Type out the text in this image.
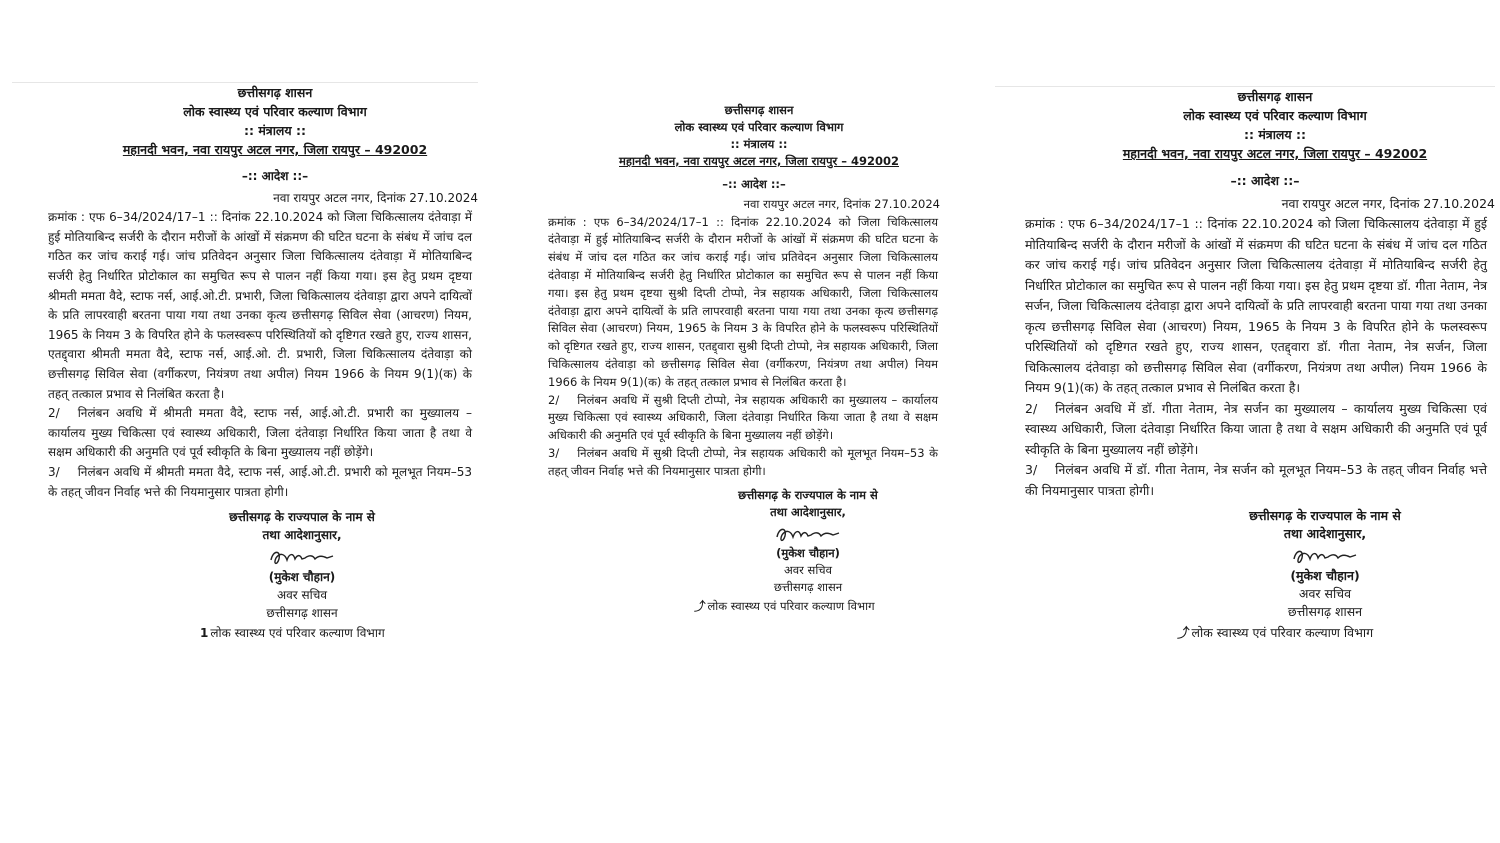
छत्तीसगढ़ शासन
लोक स्वास्थ्य एवं परिवार कल्याण विभाग
:: मंत्रालय ::
महानदी भवन, नवा रायपुर अटल नगर, जिला रायपुर – 492002
–:: आदेश ::–
नवा रायपुर अटल नगर, दिनांक 27.10.2024
क्रमांक : एफ 6–34/2024/17–1 :: दिनांक 22.10.2024 को जिला चिकित्सालय दंतेवाड़ा में हुई मोतियाबिन्द सर्जरी के दौरान मरीजों के आंखों में संक्रमण की घटित घटना के संबंध में जांच दल गठित कर जांच कराई गई। जांच प्रतिवेदन अनुसार जिला चिकित्सालय दंतेवाड़ा में मोतियाबिन्द सर्जरी हेतु निर्धारित प्रोटोकाल का समुचित रूप से पालन नहीं किया गया। इस हेतु प्रथम दृष्टया श्रीमती ममता वैदे, स्टाफ नर्स, आई.ओ.टी. प्रभारी, जिला चिकित्सालय दंतेवाड़ा द्वारा अपने दायित्वों के प्रति लापरवाही बरतना पाया गया तथा उनका कृत्य छत्तीसगढ़ सिविल सेवा (आचरण) नियम, 1965 के नियम 3 के विपरित होने के फलस्वरूप परिस्थितियों को दृष्टिगत रखते हुए, राज्य शासन, एतद्द्वारा श्रीमती ममता वैदे, स्टाफ नर्स, आई.ओ. टी. प्रभारी, जिला चिकित्सालय दंतेवाड़ा को छत्तीसगढ़ सिविल सेवा (वर्गीकरण, नियंत्रण तथा अपील) नियम 1966 के नियम 9(1)(क) के तहत् तत्काल प्रभाव से निलंबित करता है।
2/ निलंबन अवधि में श्रीमती ममता वैदे, स्टाफ नर्स, आई.ओ.टी. प्रभारी का मुख्यालय – कार्यालय मुख्य चिकित्सा एवं स्वास्थ्य अधिकारी, जिला दंतेवाड़ा निर्धारित किया जाता है तथा वे सक्षम अधिकारी की अनुमति एवं पूर्व स्वीकृति के बिना मुख्यालय नहीं छोड़ेंगे।
3/ निलंबन अवधि में श्रीमती ममता वैदे, स्टाफ नर्स, आई.ओ.टी. प्रभारी को मूलभूत नियम–53 के तहत् जीवन निर्वाह भत्ते की नियमानुसार पात्रता होगी।
छत्तीसगढ़ के राज्यपाल के नाम से
तथा आदेशानुसार,
(मुकेश चौहान)
अवर सचिव
छत्तीसगढ़ शासन
1 लोक स्वास्थ्य एवं परिवार कल्याण विभाग
छत्तीसगढ़ शासन
लोक स्वास्थ्य एवं परिवार कल्याण विभाग
:: मंत्रालय ::
महानदी भवन, नवा रायपुर अटल नगर, जिला रायपुर – 492002
–:: आदेश ::–
नवा रायपुर अटल नगर, दिनांक 27.10.2024
क्रमांक : एफ 6–34/2024/17–1 :: दिनांक 22.10.2024 को जिला चिकित्सालय दंतेवाड़ा में हुई मोतियाबिन्द सर्जरी के दौरान मरीजों के आंखों में संक्रमण की घटित घटना के संबंध में जांच दल गठित कर जांच कराई गई। जांच प्रतिवेदन अनुसार जिला चिकित्सालय दंतेवाड़ा में मोतियाबिन्द सर्जरी हेतु निर्धारित प्रोटोकाल का समुचित रूप से पालन नहीं किया गया। इस हेतु प्रथम दृष्टया सुश्री दिप्ती टोप्पो, नेत्र सहायक अधिकारी, जिला चिकित्सालय दंतेवाड़ा द्वारा अपने दायित्वों के प्रति लापरवाही बरतना पाया गया तथा उनका कृत्य छत्तीसगढ़ सिविल सेवा (आचरण) नियम, 1965 के नियम 3 के विपरित होने के फलस्वरूप परिस्थितियों को दृष्टिगत रखते हुए, राज्य शासन, एतद्द्वारा सुश्री दिप्ती टोप्पो, नेत्र सहायक अधिकारी, जिला चिकित्सालय दंतेवाड़ा को छत्तीसगढ़ सिविल सेवा (वर्गीकरण, नियंत्रण तथा अपील) नियम 1966 के नियम 9(1)(क) के तहत् तत्काल प्रभाव से निलंबित करता है।
2/ निलंबन अवधि में सुश्री दिप्ती टोप्पो, नेत्र सहायक अधिकारी का मुख्यालय – कार्यालय मुख्य चिकित्सा एवं स्वास्थ्य अधिकारी, जिला दंतेवाड़ा निर्धारित किया जाता है तथा वे सक्षम अधिकारी की अनुमति एवं पूर्व स्वीकृति के बिना मुख्यालय नहीं छोड़ेंगे।
3/ निलंबन अवधि में सुश्री दिप्ती टोप्पो, नेत्र सहायक अधिकारी को मूलभूत नियम–53 के तहत् जीवन निर्वाह भत्ते की नियमानुसार पात्रता होगी।
छत्तीसगढ़ के राज्यपाल के नाम से
तथा आदेशानुसार,
(मुकेश चौहान)
अवर सचिव
छत्तीसगढ़ शासन
⤴ लोक स्वास्थ्य एवं परिवार कल्याण विभाग
छत्तीसगढ़ शासन
लोक स्वास्थ्य एवं परिवार कल्याण विभाग
:: मंत्रालय ::
महानदी भवन, नवा रायपुर अटल नगर, जिला रायपुर – 492002
–:: आदेश ::–
नवा रायपुर अटल नगर, दिनांक 27.10.2024
क्रमांक : एफ 6–34/2024/17–1 :: दिनांक 22.10.2024 को जिला चिकित्सालय दंतेवाड़ा में हुई मोतियाबिन्द सर्जरी के दौरान मरीजों के आंखों में संक्रमण की घटित घटना के संबंध में जांच दल गठित कर जांच कराई गई। जांच प्रतिवेदन अनुसार जिला चिकित्सालय दंतेवाड़ा में मोतियाबिन्द सर्जरी हेतु निर्धारित प्रोटोकाल का समुचित रूप से पालन नहीं किया गया। इस हेतु प्रथम दृष्टया डॉ. गीता नेताम, नेत्र सर्जन, जिला चिकित्सालय दंतेवाड़ा द्वारा अपने दायित्वों के प्रति लापरवाही बरतना पाया गया तथा उनका कृत्य छत्तीसगढ़ सिविल सेवा (आचरण) नियम, 1965 के नियम 3 के विपरित होने के फलस्वरूप परिस्थितियों को दृष्टिगत रखते हुए, राज्य शासन, एतद्द्वारा डॉ. गीता नेताम, नेत्र सर्जन, जिला चिकित्सालय दंतेवाड़ा को छत्तीसगढ़ सिविल सेवा (वर्गीकरण, नियंत्रण तथा अपील) नियम 1966 के नियम 9(1)(क) के तहत् तत्काल प्रभाव से निलंबित करता है।
2/ निलंबन अवधि में डॉ. गीता नेताम, नेत्र सर्जन का मुख्यालय – कार्यालय मुख्य चिकित्सा एवं स्वास्थ्य अधिकारी, जिला दंतेवाड़ा निर्धारित किया जाता है तथा वे सक्षम अधिकारी की अनुमति एवं पूर्व स्वीकृति के बिना मुख्यालय नहीं छोड़ेंगे।
3/ निलंबन अवधि में डॉ. गीता नेताम, नेत्र सर्जन को मूलभूत नियम–53 के तहत् जीवन निर्वाह भत्ते की नियमानुसार पात्रता होगी।
छत्तीसगढ़ के राज्यपाल के नाम से
तथा आदेशानुसार,
(मुकेश चौहान)
अवर सचिव
छत्तीसगढ़ शासन
⤴ लोक स्वास्थ्य एवं परिवार कल्याण विभाग
